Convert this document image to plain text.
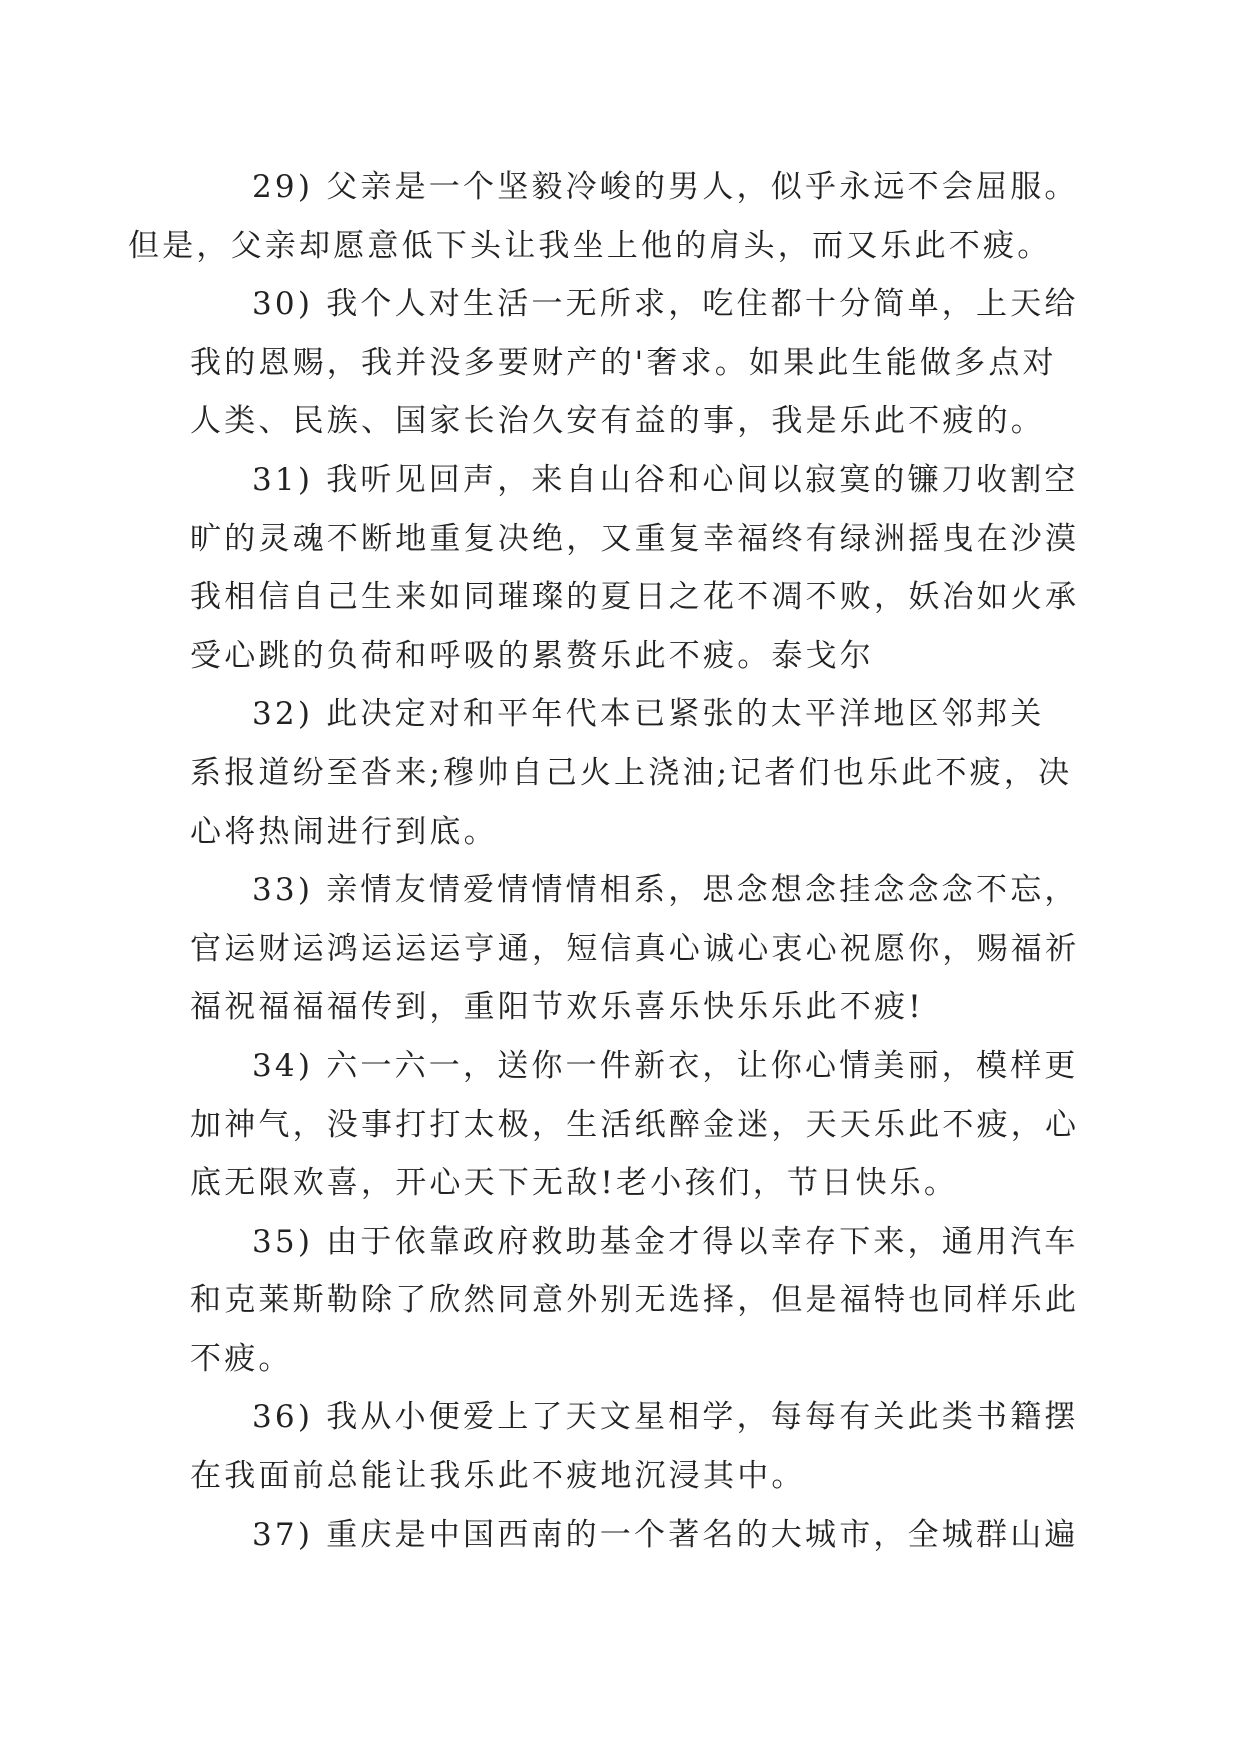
29) 父亲是一个坚毅冷峻的男人，似乎永远不会屈服。
但是，父亲却愿意低下头让我坐上他的肩头，而又乐此不疲。

30) 我个人对生活一无所求，吃住都十分简单，上天给
我的恩赐，我并没多要财产的'奢求。如果此生能做多点对
人类、民族、国家长治久安有益的事，我是乐此不疲的。

31) 我听见回声，来自山谷和心间以寂寞的镰刀收割空
旷的灵魂不断地重复决绝，又重复幸福终有绿洲摇曳在沙漠
我相信自己生来如同璀璨的夏日之花不凋不败，妖冶如火承
受心跳的负荷和呼吸的累赘乐此不疲。泰戈尔

32) 此决定对和平年代本已紧张的太平洋地区邻邦关
系报道纷至沓来;穆帅自己火上浇油;记者们也乐此不疲，决
心将热闹进行到底。

33) 亲情友情爱情情情相系，思念想念挂念念念不忘，
官运财运鸿运运运亨通，短信真心诚心衷心祝愿你，赐福祈
福祝福福福传到，重阳节欢乐喜乐快乐乐此不疲!

34) 六一六一，送你一件新衣，让你心情美丽，模样更
加神气，没事打打太极，生活纸醉金迷，天天乐此不疲，心
底无限欢喜，开心天下无敌!老小孩们，节日快乐。

35) 由于依靠政府救助基金才得以幸存下来，通用汽车
和克莱斯勒除了欣然同意外别无选择，但是福特也同样乐此
不疲。

36) 我从小便爱上了天文星相学，每每有关此类书籍摆
在我面前总能让我乐此不疲地沉浸其中。

37) 重庆是中国西南的一个著名的大城市，全城群山遍
